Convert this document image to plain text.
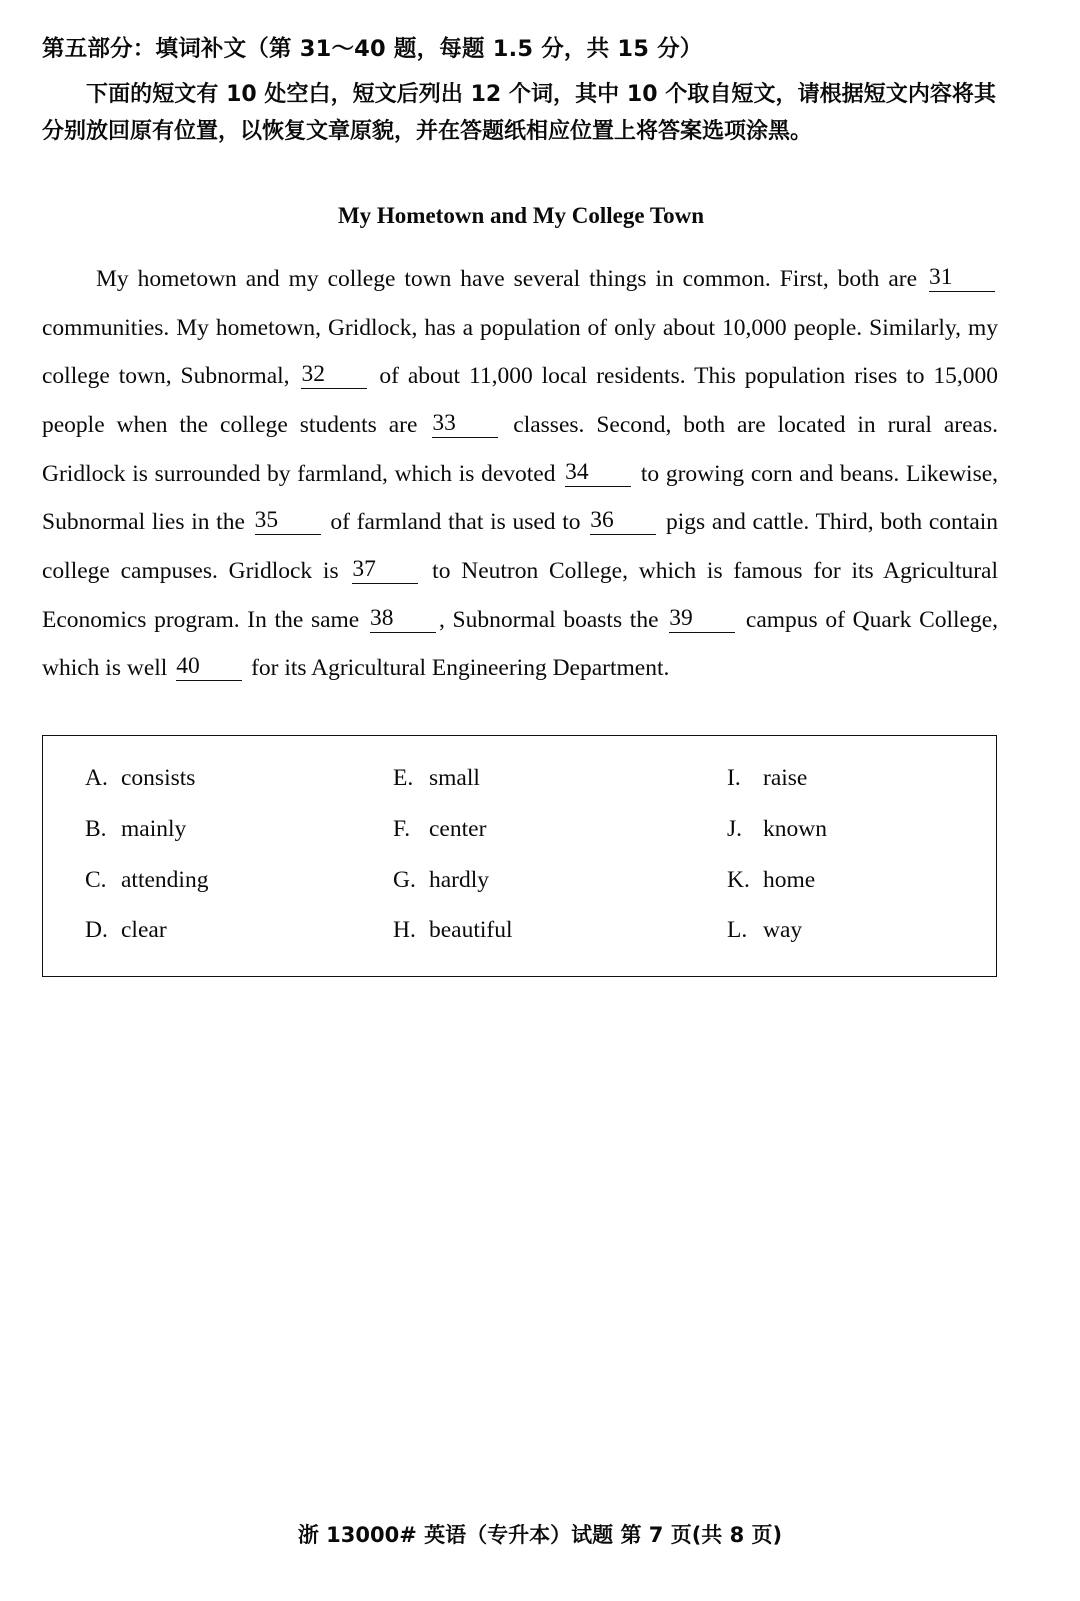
第五部分：填词补文（第 31～40 题，每题 1.5 分，共 15 分）
下面的短文有 10 处空白，短文后列出 12 个词，其中 10 个取自短文，请根据短文内容将其分别放回原有位置，以恢复文章原貌，并在答题纸相应位置上将答案选项涂黑。
My Hometown and My College Town
My hometown and my college town have several things in common. First, both are 31 communities. My hometown, Gridlock, has a population of only about 10,000 people. Similarly, my college town, Subnormal, 32 of about 11,000 local residents. This population rises to 15,000 people when the college students are 33 classes. Second, both are located in rural areas. Gridlock is surrounded by farmland, which is devoted 34 to growing corn and beans. Likewise, Subnormal lies in the 35 of farmland that is used to 36 pigs and cattle. Third, both contain college campuses. Gridlock is 37 to Neutron College, which is famous for its Agricultural Economics program. In the same 38 , Subnormal boasts the 39 campus of Quark College, which is well 40 for its Agricultural Engineering Department.
A. consists	E. small	I. raise
B. mainly	F. center	J. known
C. attending	G. hardly	K. home
D. clear	H. beautiful	L. way
浙 13000# 英语（专升本）试题 第 7 页(共 8 页)
